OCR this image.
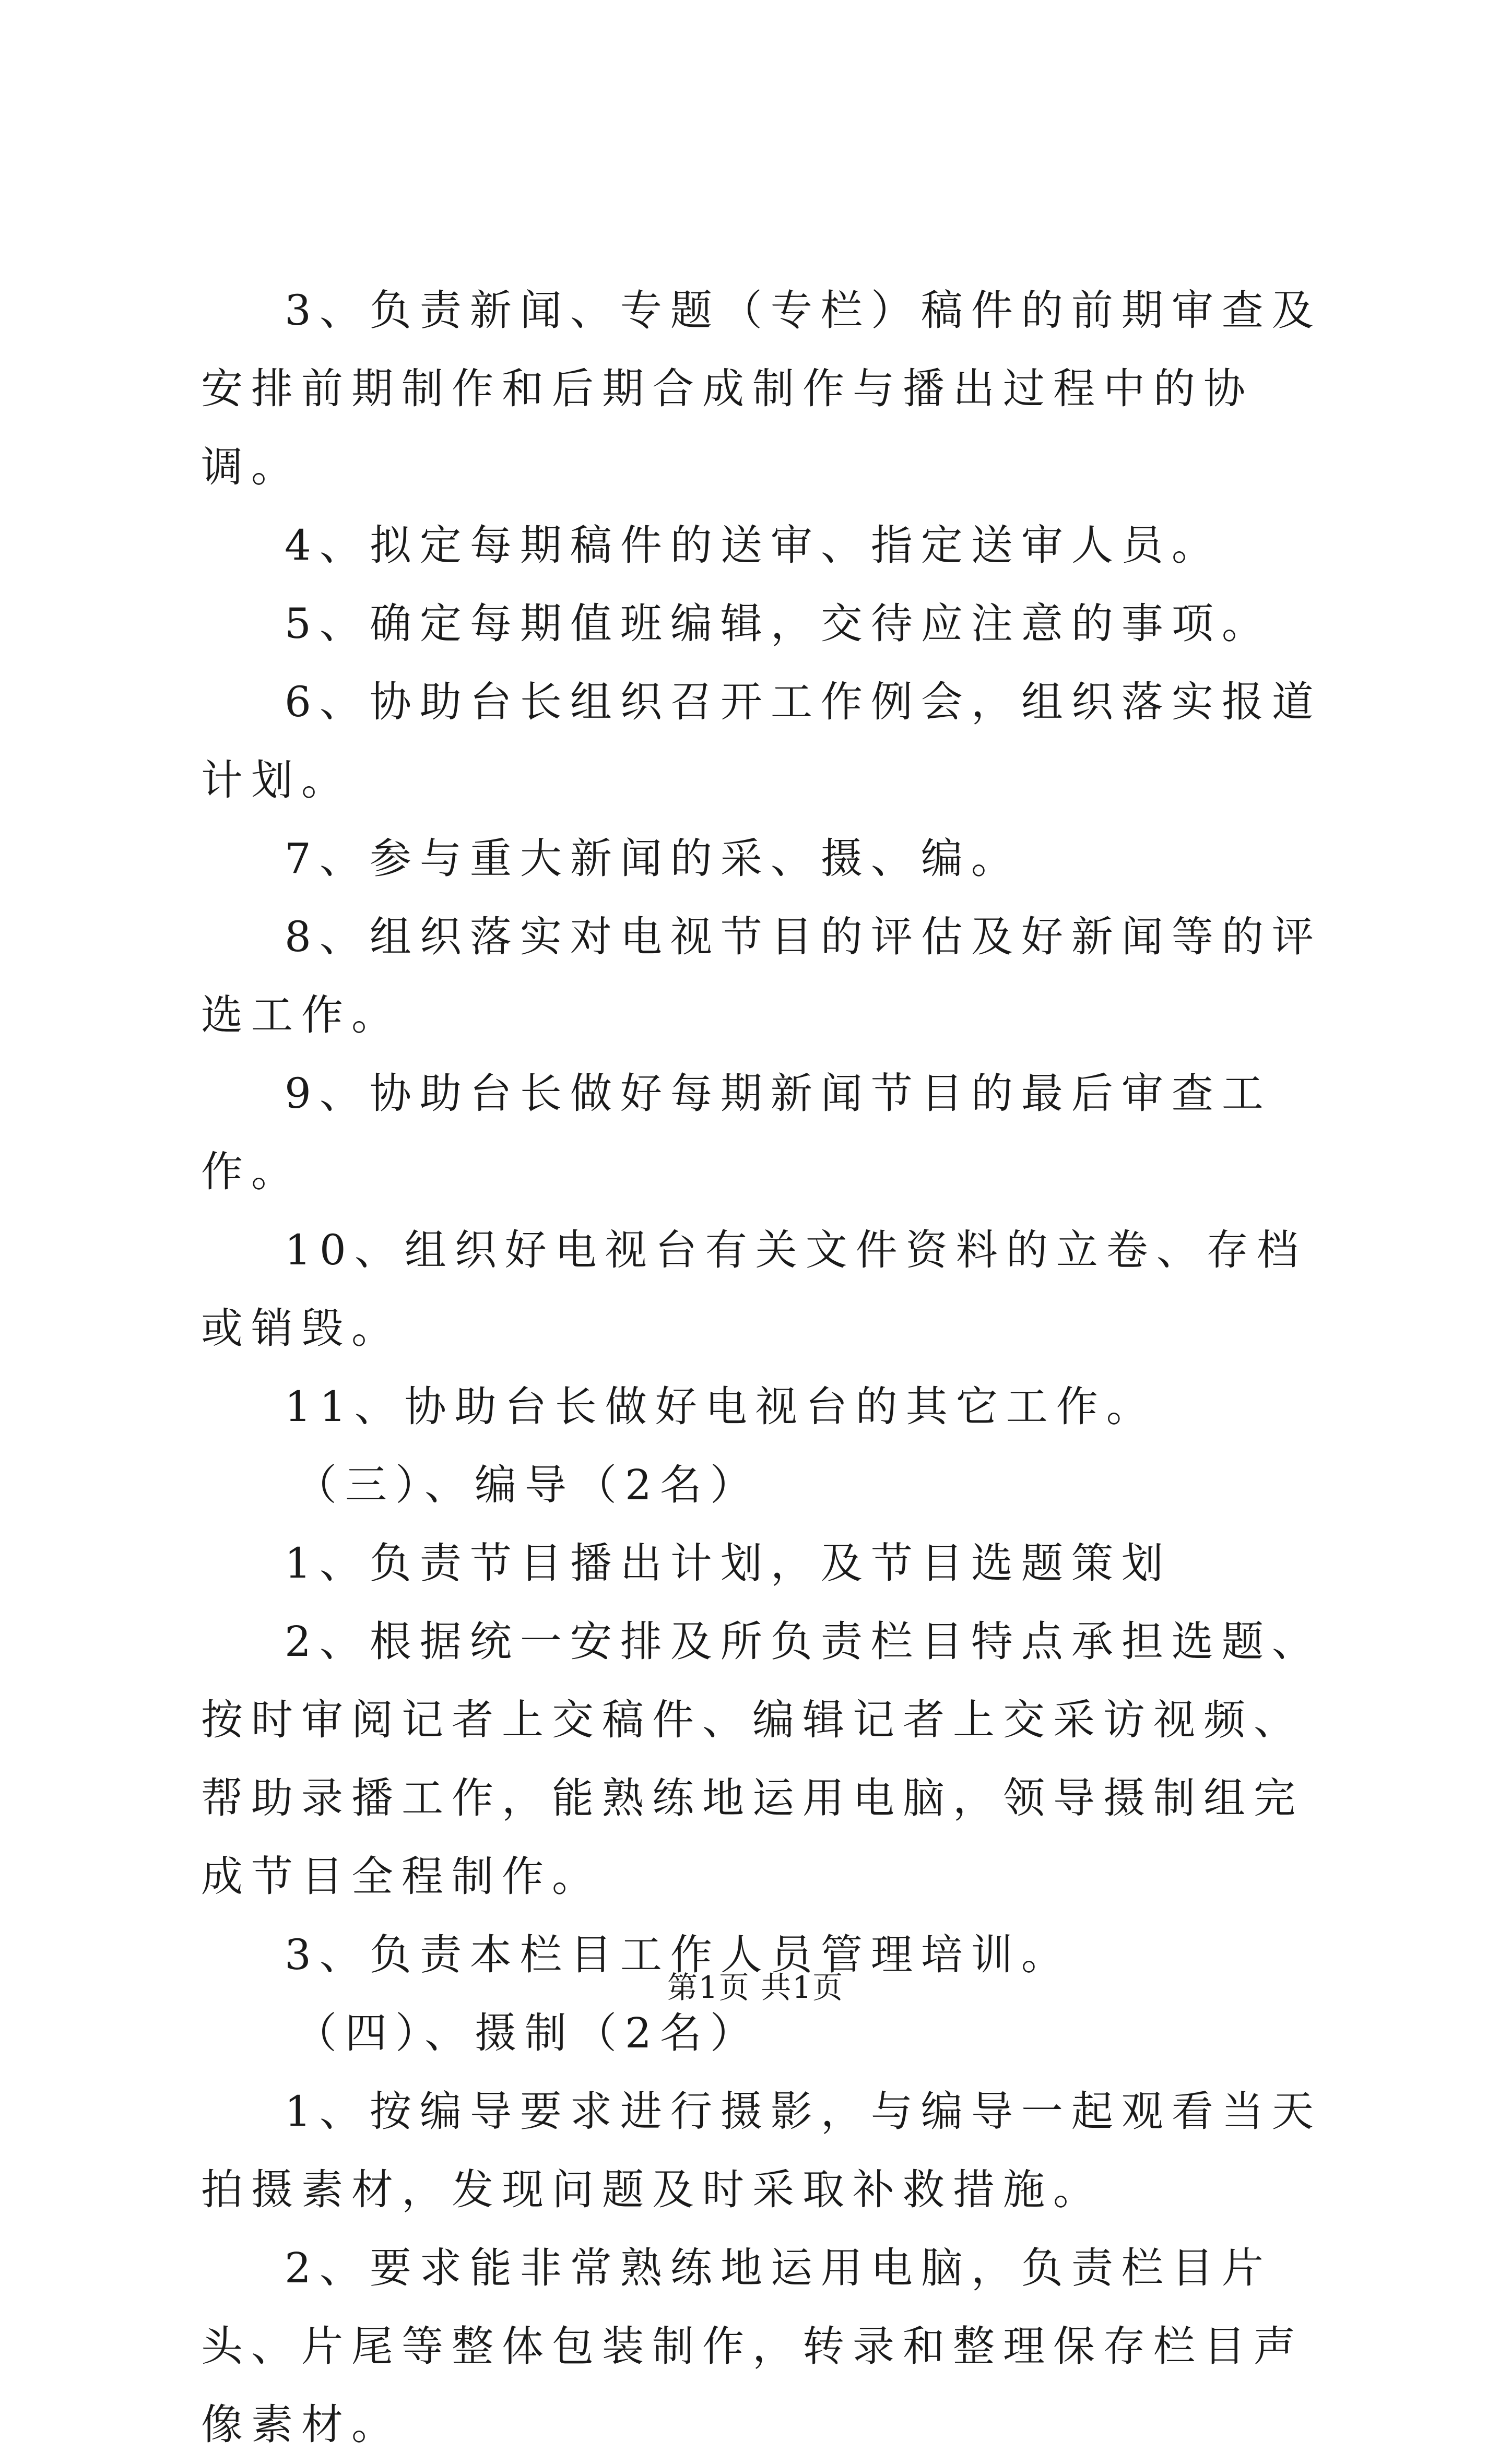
3、负责新闻、专题（专栏）稿件的前期审查及安排前期制作和后期合成制作与播出过程中的协调。

4、拟定每期稿件的送审、指定送审人员。

5、确定每期值班编辑，交待应注意的事项。

6、协助台长组织召开工作例会，组织落实报道计划。

7、参与重大新闻的采、摄、编。

8、组织落实对电视节目的评估及好新闻等的评选工作。

9、协助台长做好每期新闻节目的最后审查工作。

10、组织好电视台有关文件资料的立卷、存档或销毁。

11、协助台长做好电视台的其它工作。

（三）、编导（2名）

1、负责节目播出计划，及节目选题策划

2、根据统一安排及所负责栏目特点承担选题、按时审阅记者上交稿件、编辑记者上交采访视频、帮助录播工作，能熟练地运用电脑，领导摄制组完成节目全程制作。

3、负责本栏目工作人员管理培训。

（四）、摄制（2名）

1、按编导要求进行摄影，与编导一起观看当天拍摄素材，发现问题及时采取补救措施。

2、要求能非常熟练地运用电脑，负责栏目片头、片尾等整体包装制作，转录和整理保存栏目声像素材。

第1页 共1页
